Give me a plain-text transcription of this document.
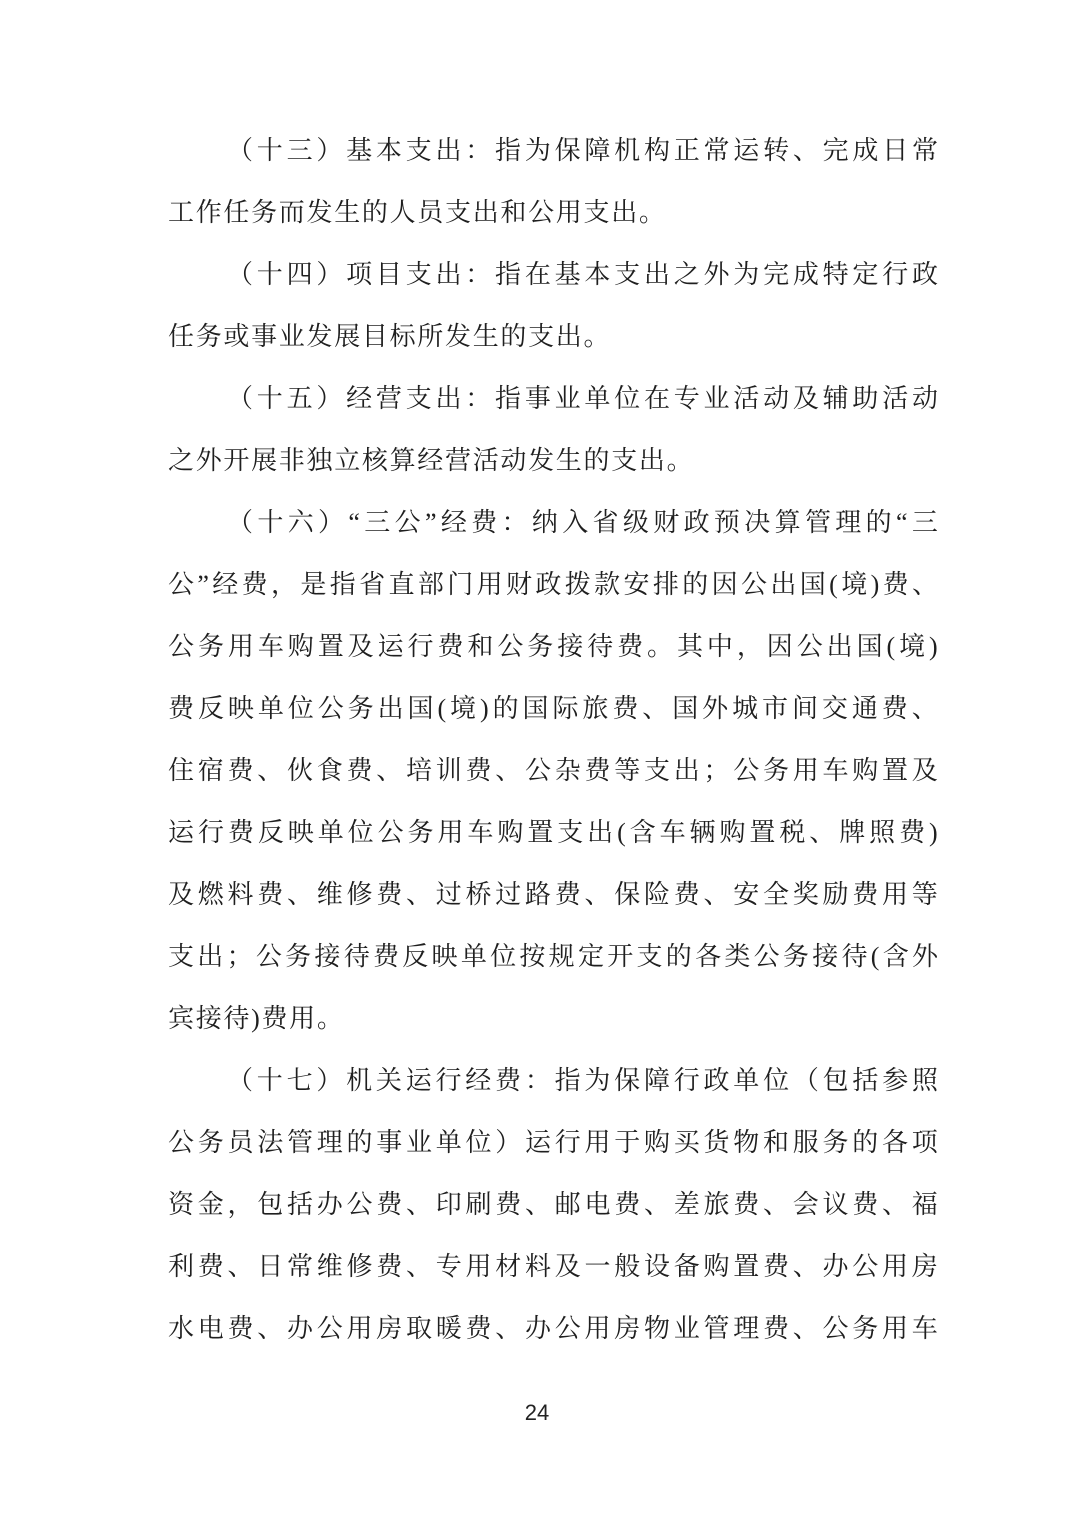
（ 十 三 ） 基 本 支 出 ： 指 为 保 障 机 构 正 常 运 转 、 完 成 日 常
工作任务而发生的人员支出和公用支出。
（ 十 四 ） 项 目 支 出 ： 指 在 基 本 支 出 之 外 为 完 成 特 定 行 政
任务或事业发展目标所发生的支出。
（ 十 五 ） 经 营 支 出 ： 指 事 业 单 位 在 专 业 活 动 及 辅 助 活 动
之外开展非独立核算经营活动发生的支出。
（ 十 六 ） “ 三 公 ” 经 费 ： 纳 入 省 级 财 政 预 决 算 管 理 的 “ 三
公 ” 经 费 ， 是 指 省 直 部 门 用 财 政 拨 款 安 排 的 因 公 出 国 ( 境 ) 费 、
公 务 用 车 购 置 及 运 行 费 和 公 务 接 待 费 。 其 中 ， 因 公 出 国 ( 境 )
费 反 映 单 位 公 务 出 国 ( 境 ) 的 国 际 旅 费 、 国 外 城 市 间 交 通 费 、
住 宿 费 、 伙 食 费 、 培 训 费 、 公 杂 费 等 支 出 ； 公 务 用 车 购 置 及
运 行 费 反 映 单 位 公 务 用 车 购 置 支 出 ( 含 车 辆 购 置 税 、 牌 照 费 )
及 燃 料 费 、 维 修 费 、 过 桥 过 路 费 、 保 险 费 、 安 全 奖 励 费 用 等
支 出 ； 公 务 接 待 费 反 映 单 位 按 规 定 开 支 的 各 类 公 务 接 待 ( 含 外
宾接待)费用。
（ 十 七 ） 机 关 运 行 经 费 ： 指 为 保 障 行 政 单 位 （ 包 括 参 照
公 务 员 法 管 理 的 事 业 单 位 ） 运 行 用 于 购 买 货 物 和 服 务 的 各 项
资 金 ， 包 括 办 公 费 、 印 刷 费 、 邮 电 费 、 差 旅 费 、 会 议 费 、 福
利 费 、 日 常 维 修 费 、 专 用 材 料 及 一 般 设 备 购 置 费 、 办 公 用 房
水 电 费 、 办 公 用 房 取 暖 费 、 办 公 用 房 物 业 管 理 费 、 公 务 用 车
24
